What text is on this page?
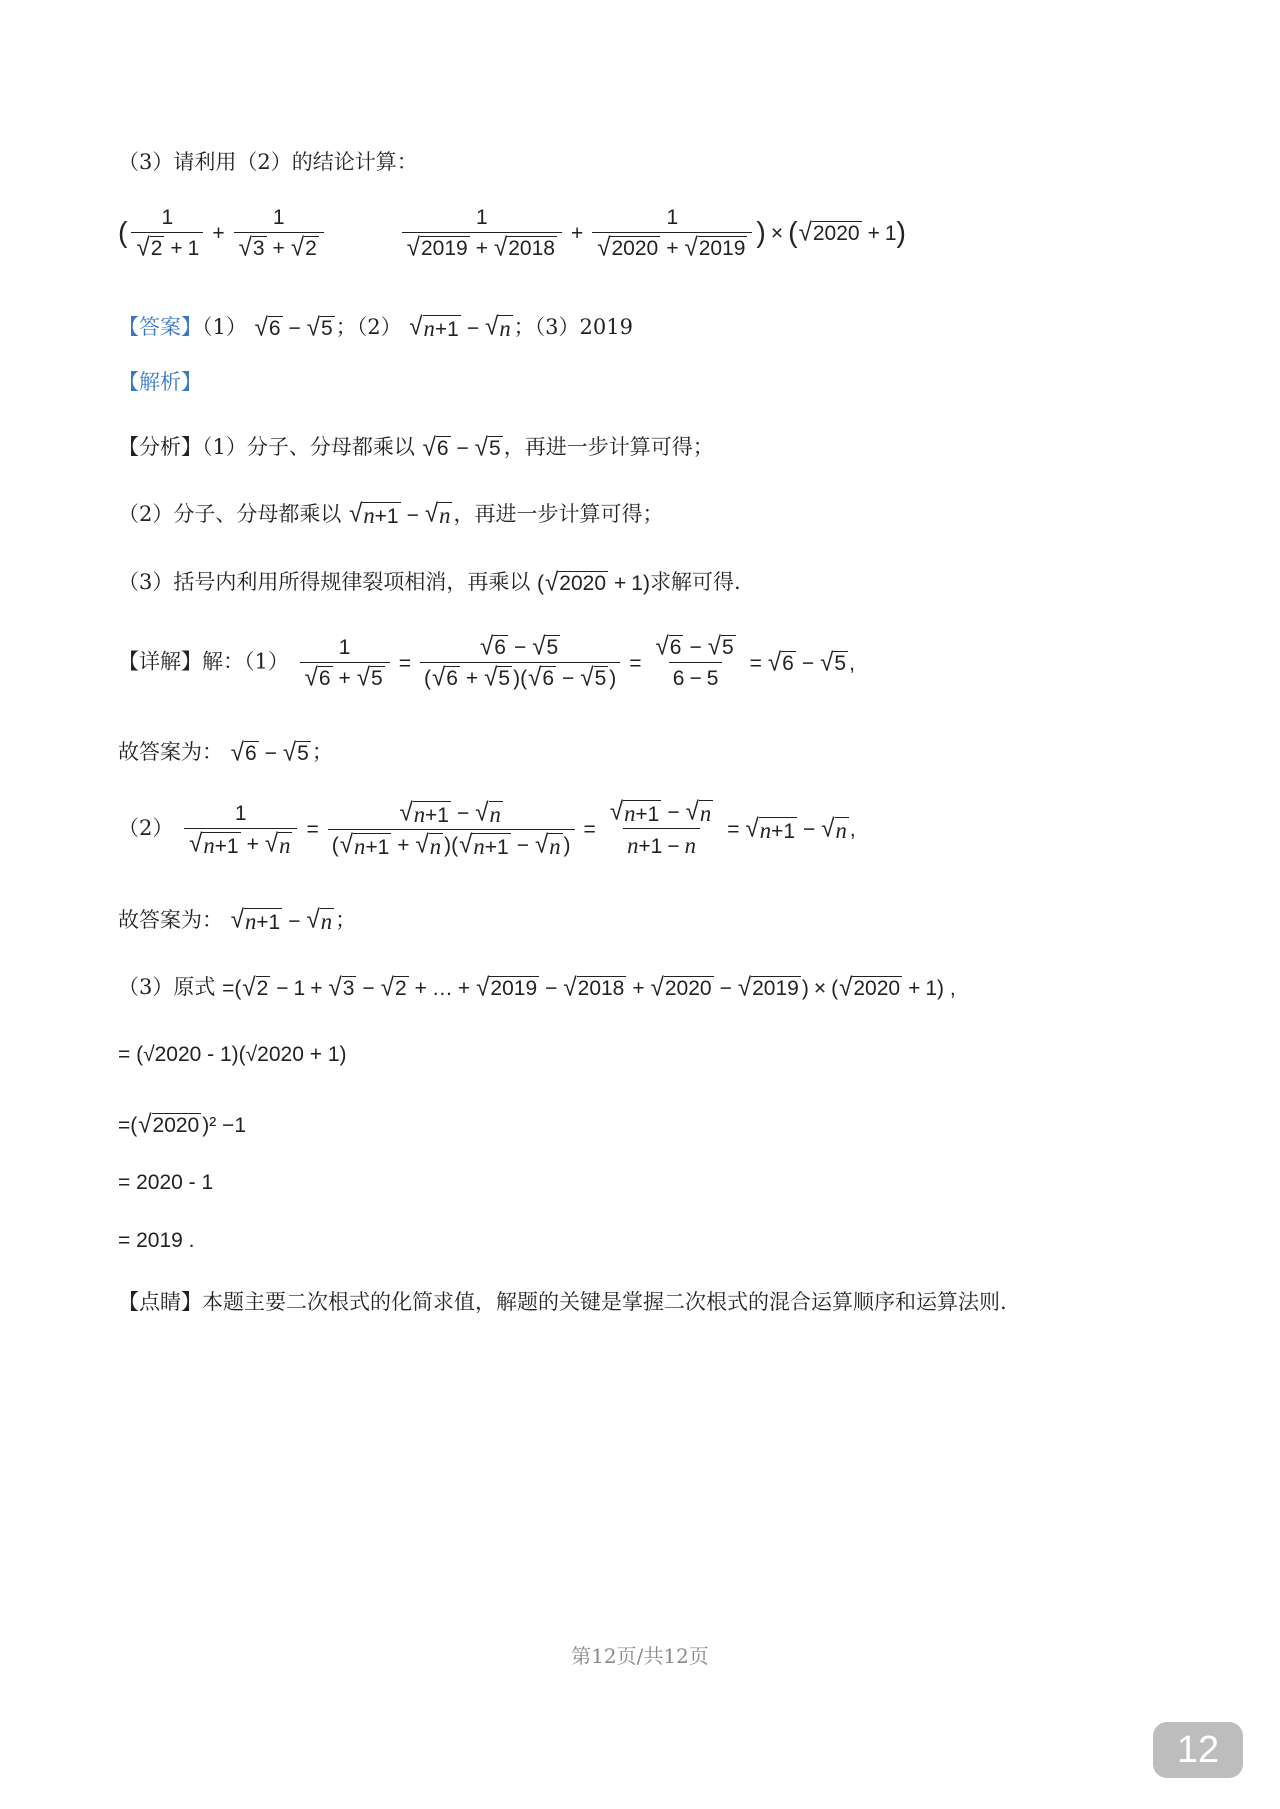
（3）请利用（2）的结论计算：
( $\frac{1}{√ 2 + 1} + \frac{1}{√ 3 + √ 2}$	$\frac{1}{√ 2019 + √ 2018} + \frac{1}{√ 2020 + √ 2019}$ ) × ( √ 2020 + 1 )
【答案】（1） √ 6 − √ 5 ；（2） √ n+1 − √ n ；（3）2019
【解析】
【分析】（1）分子、分母都乘以 √ 6 − √ 5 ，再进一步计算可得；
（2）分子、分母都乘以 √ n+1 − √ n ，再进一步计算可得；
（3）括号内利用所得规律裂项相消，再乘以 ( √ 2020 + 1)求解可得.
【详解】解：$(1) \frac{1}{√ 6 + √ 5} = \frac{√ 6 - √ 5}{( √ 6 + √ 5 )( √ 6 - √ 5 )} = \frac{√ 6 - √ 5}{6 - 5}$ = √ 6 − √ 5 ,
故答案为： √ 6 − √ 5 ；
$(2) \frac{1}{√ n+1 + √ n} = \frac{√ n+1 - √ n}{( √ n+1 + √ n )( √ n+1 - √ n )} = \frac{√ n+1 - √ n}{n+1 - n}$ = √ n+1 − √ n ,
故答案为： √ n+1 − √ n ；
（3）原式 =( √ 2 − 1 + √ 3 − √ 2 + … + √ 2019 − √ 2018 + √ 2020 − √ 2019 ) × ( √ 2020 + 1) ,
= (√2020 - 1)(√2020 + 1)
=( √ 2020 )² −1
= 2020 - 1
= 2019 .
【点睛】本题主要二次根式的化简求值，解题的关键是掌握二次根式的混合运算顺序和运算法则.
第12页/共12页
12
